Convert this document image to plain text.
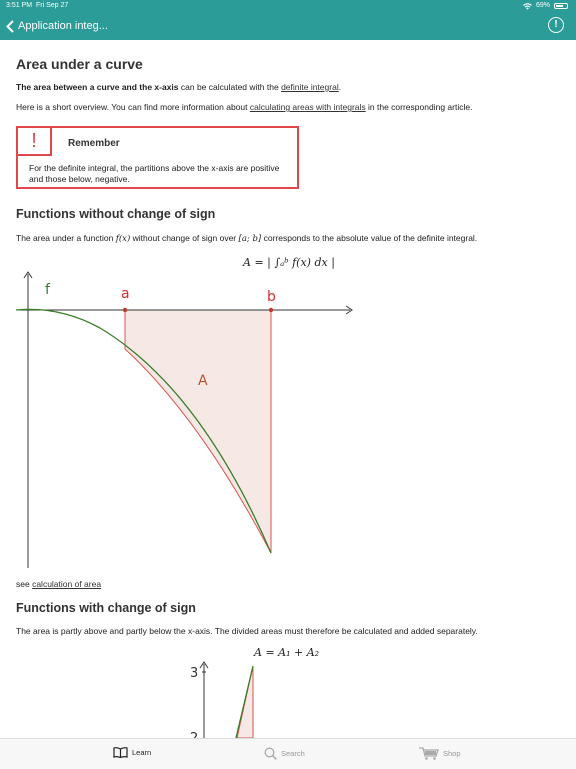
3:51 PM Fri Sep 27	69%
Application integ...	!
Area under a curve

The area between a curve and the x-axis can be calculated with the definite integral.

Here is a short overview. You can find more information about calculating areas with integrals in the corresponding article.

!	Remember
For the definite integral, the partitions above the x-axis are positive and those below, negative.
Functions without change of sign

The area under a function f(x) without change of sign over [a; b] corresponds to the absolute value of the definite integral.

A = | ∫ₐᵇ f(x) dx |
f	a	b
A

see calculation of area

Functions with change of sign

The area is partly above and partly below the x-axis. The divided areas must therefore be calculated and added separately.

A = A₁ + A₂
3
Learn	Search	Shop
